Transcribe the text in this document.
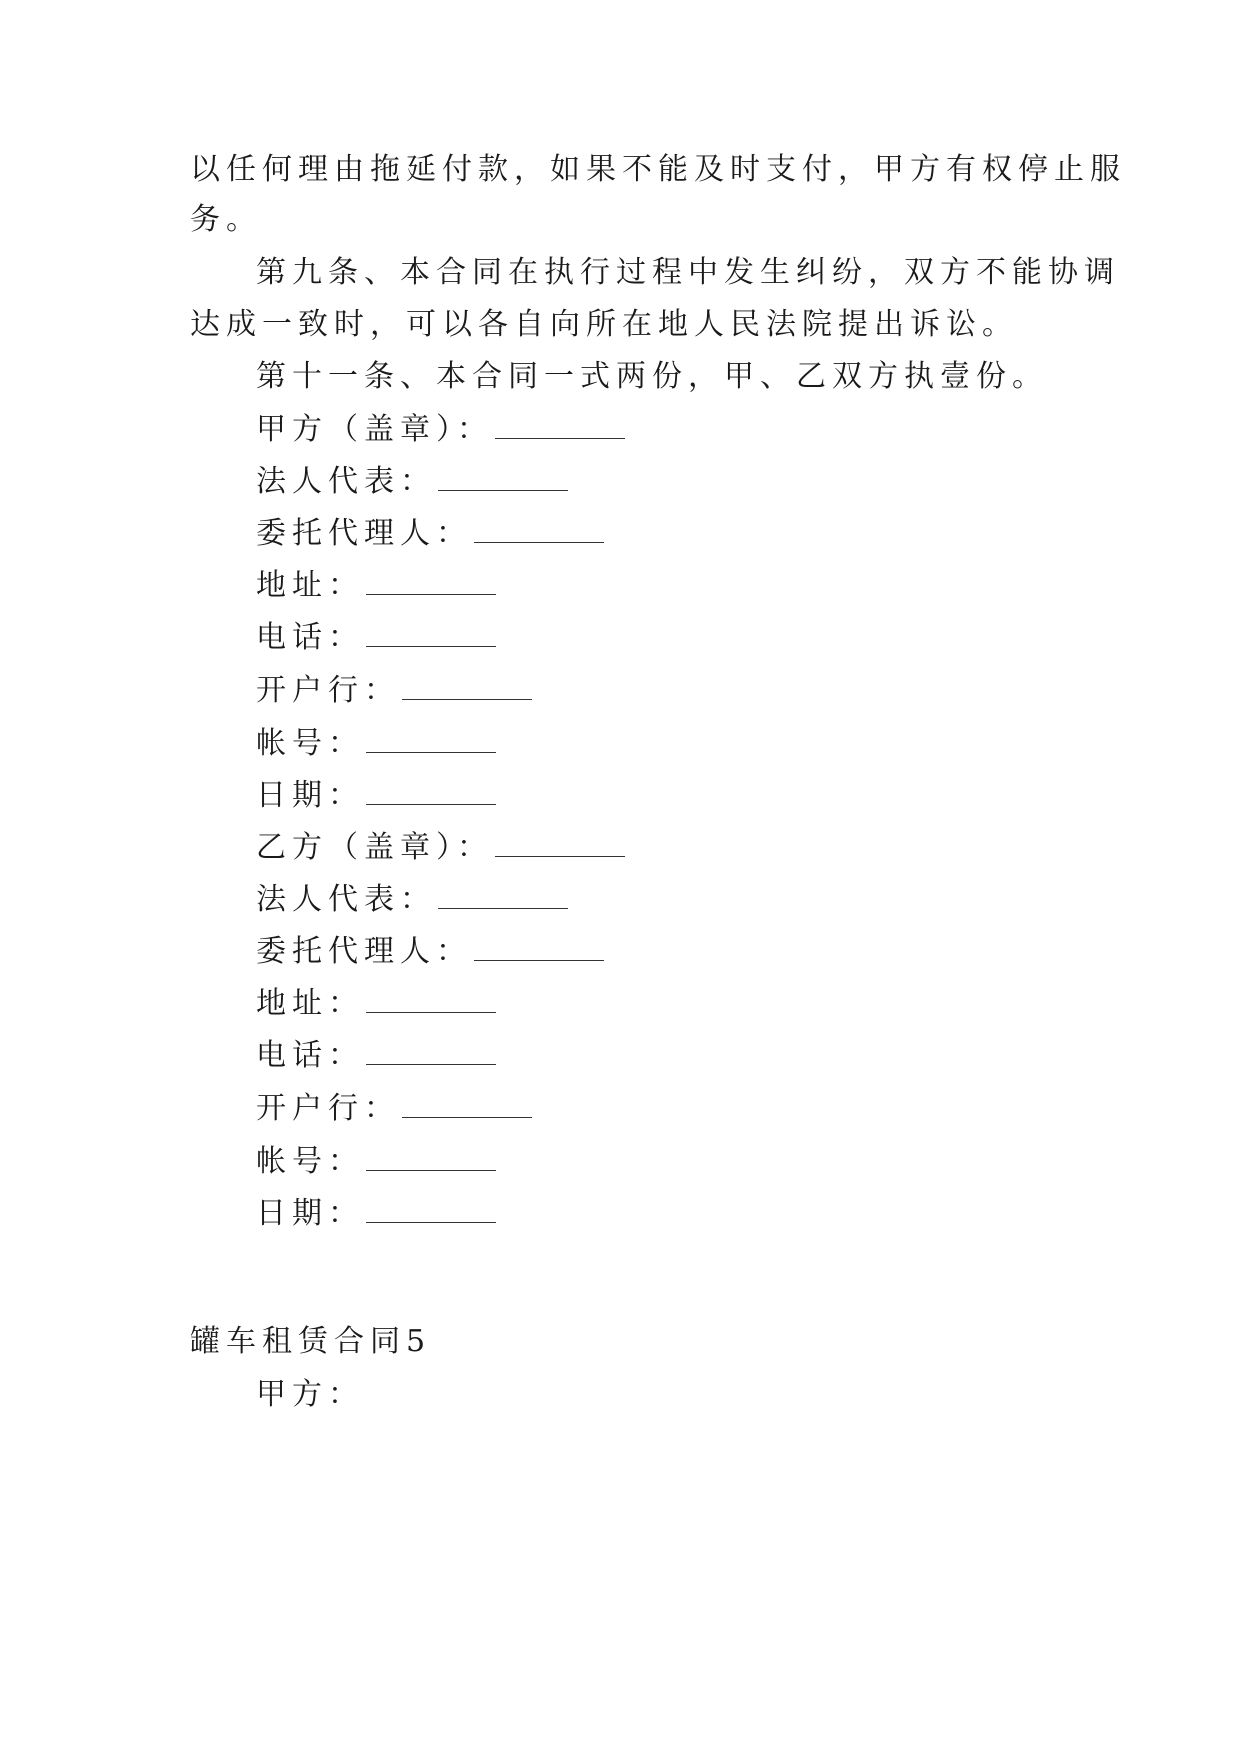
以任何理由拖延付款，如果不能及时支付，甲方有权停止服
务。
第九条、本合同在执行过程中发生纠纷，双方不能协调
达成一致时，可以各自向所在地人民法院提出诉讼。
第十一条、本合同一式两份，甲、乙双方执壹份。
甲方（盖章）：
法人代表：
委托代理人：
地址：
电话：
开户行：
帐号：
日期：
乙方（盖章）：
法人代表：
委托代理人：
地址：
电话：
开户行：
帐号：
日期：
罐车租赁合同5
甲方：
